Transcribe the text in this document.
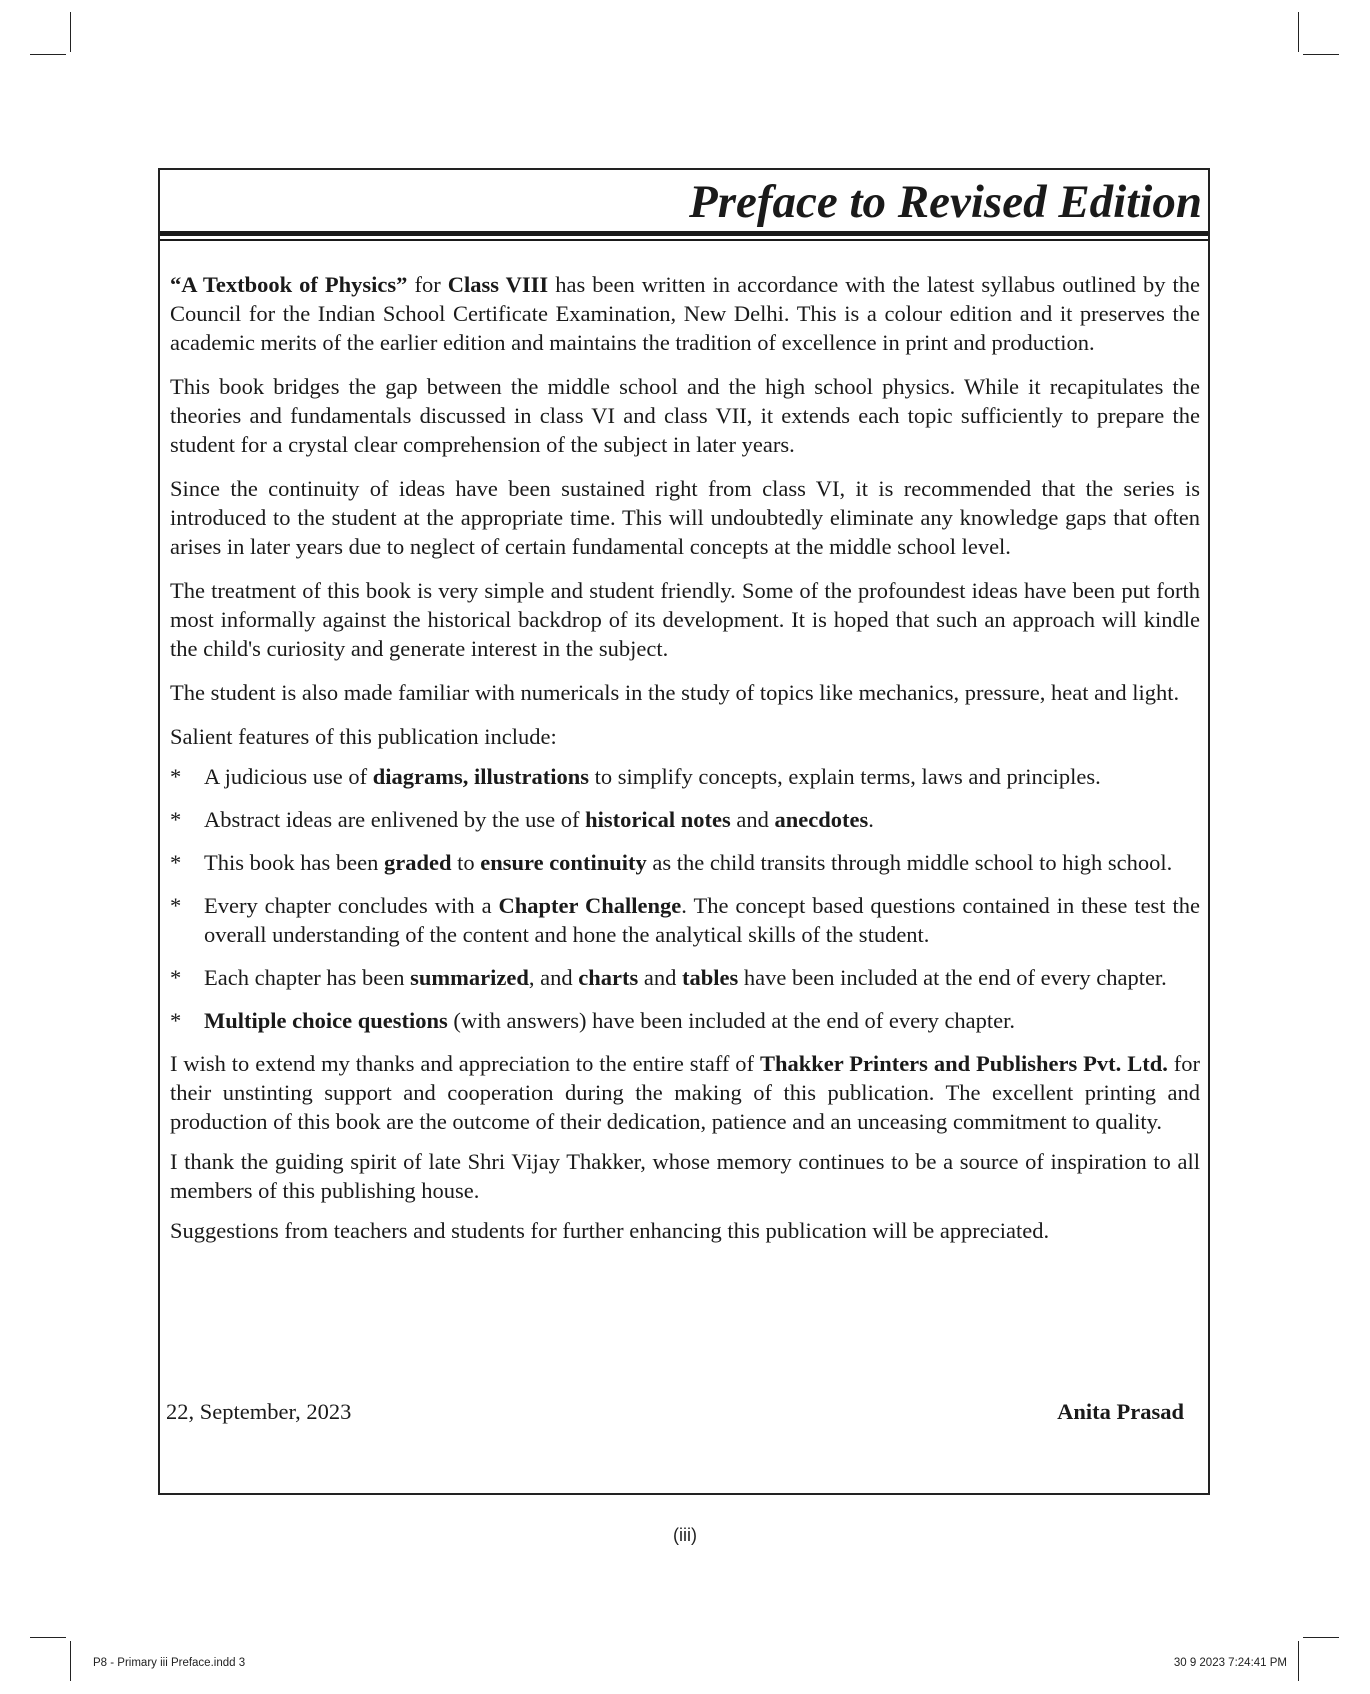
Preface to Revised Edition

“A Textbook of Physics” for Class VIII has been written in accordance with the latest syllabus outlined by the Council for the Indian School Certificate Examination, New Delhi. This is a colour edition and it preserves the academic merits of the earlier edition and maintains the tradition of excellence in print and production.

This book bridges the gap between the middle school and the high school physics. While it recapitulates the theories and fundamentals discussed in class VI and class VII, it extends each topic sufficiently to prepare the student for a crystal clear comprehension of the subject in later years.

Since the continuity of ideas have been sustained right from class VI, it is recommended that the series is introduced to the student at the appropriate time. This will undoubtedly eliminate any knowledge gaps that often arises in later years due to neglect of certain fundamental concepts at the middle school level.

The treatment of this book is very simple and student friendly. Some of the profoundest ideas have been put forth most informally against the historical backdrop of its development. It is hoped that such an approach will kindle the child's curiosity and generate interest in the subject.

The student is also made familiar with numericals in the study of topics like mechanics, pressure, heat and light.

Salient features of this publication include:

*	A judicious use of diagrams, illustrations to simplify concepts, explain terms, laws and principles.
*	Abstract ideas are enlivened by the use of historical notes and anecdotes.
*	This book has been graded to ensure continuity as the child transits through middle school to high school.
*	Every chapter concludes with a Chapter Challenge. The concept based questions contained in these test the overall understanding of the content and hone the analytical skills of the student.
*	Each chapter has been summarized, and charts and tables have been included at the end of every chapter.
*	Multiple choice questions (with answers) have been included at the end of every chapter.

I wish to extend my thanks and appreciation to the entire staff of Thakker Printers and Publishers Pvt. Ltd. for their unstinting support and cooperation during the making of this publication. The excellent printing and production of this book are the outcome of their dedication, patience and an unceasing commitment to quality.

I thank the guiding spirit of late Shri Vijay Thakker, whose memory continues to be a source of inspiration to all members of this publishing house.

Suggestions from teachers and students for further enhancing this publication will be appreciated.

22, September, 2023	Anita Prasad
(iii)
P8 - Primary iii Preface.indd 3	30 9 2023 7:24:41 PM
